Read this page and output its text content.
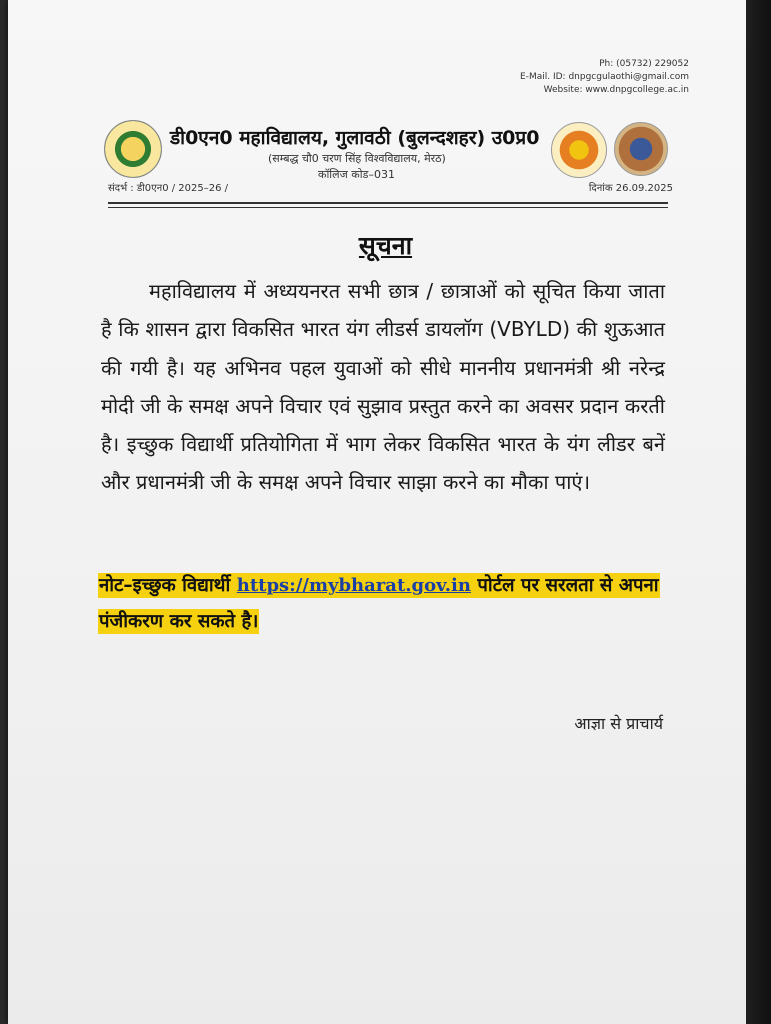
Ph: (05732) 229052
E-Mail. ID: dnpgcgulaothi@gmail.com
Website: www.dnpgcollege.ac.in
डी0एन0 महाविद्यालय, गुलावठी (बुलन्दशहर) उ0प्र0
(सम्बद्ध चौ0 चरण सिंह विश्वविद्यालय, मेरठ)
कॉलिज कोड–031
संदर्भ : डी0एन0 / 2025–26 /	दिनांक 26.09.2025
सूचना
महाविद्यालय में अध्ययनरत सभी छात्र / छात्राओं को सूचित किया जाता है कि शासन द्वारा विकसित भारत यंग लीडर्स डायलॉग (VBYLD) की शुऊआत की गयी है। यह अभिनव पहल युवाओं को सीधे माननीय प्रधानमंत्री श्री नरेन्द्र मोदी जी के समक्ष अपने विचार एवं सुझाव प्रस्तुत करने का अवसर प्रदान करती है। इच्छुक विद्यार्थी प्रतियोगिता में भाग लेकर विकसित भारत के यंग लीडर बनें और प्रधानमंत्री जी के समक्ष अपने विचार साझा करने का मौका पाएं।
नोट–इच्छुक विद्यार्थी https://mybharat.gov.in पोर्टल पर सरलता से अपना पंजीकरण कर सकते है।
आज्ञा से प्राचार्य
